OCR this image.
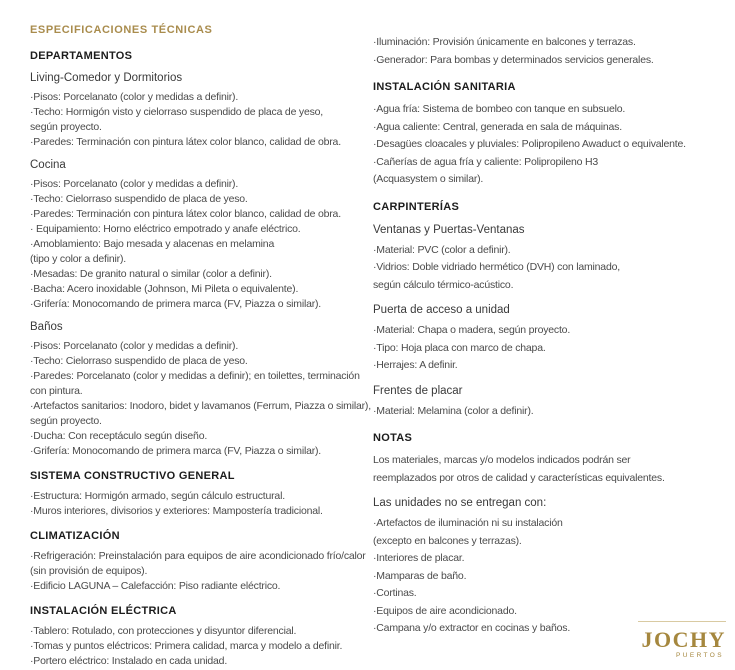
ESPECIFICACIONES TÉCNICAS
DEPARTAMENTOS
Living-Comedor y Dormitorios
·Pisos: Porcelanato (color y medidas a definir).
·Techo: Hormigón visto y cielorraso suspendido de placa de yeso,
según proyecto.
·Paredes: Terminación con pintura látex color blanco, calidad de obra.
Cocina
·Pisos: Porcelanato (color y medidas a definir).
·Techo: Cielorraso suspendido de placa de yeso.
·Paredes: Terminación con pintura látex color blanco, calidad de obra.
· Equipamiento: Horno eléctrico empotrado y anafe eléctrico.
·Amoblamiento: Bajo mesada y alacenas en melamina
(tipo y color a definir).
·Mesadas: De granito natural o similar (color a definir).
·Bacha: Acero inoxidable (Johnson, Mi Pileta o equivalente).
·Grifería: Monocomando de primera marca (FV, Piazza o similar).
Baños
·Pisos: Porcelanato (color y medidas a definir).
·Techo: Cielorraso suspendido de placa de yeso.
·Paredes: Porcelanato (color y medidas a definir); en toilettes, terminación
con pintura.
·Artefactos sanitarios: Inodoro, bidet y lavamanos (Ferrum, Piazza o similar),
según proyecto.
·Ducha: Con receptáculo según diseño.
·Grifería: Monocomando de primera marca (FV, Piazza o similar).
SISTEMA CONSTRUCTIVO GENERAL
·Estructura: Hormigón armado, según cálculo estructural.
·Muros interiores, divisorios y exteriores: Mampostería tradicional.
CLIMATIZACIÓN
·Refrigeración: Preinstalación para equipos de aire acondicionado frío/calor
(sin provisión de equipos).
·Edificio LAGUNA – Calefacción: Piso radiante eléctrico.
INSTALACIÓN ELÉCTRICA
·Tablero: Rotulado, con protecciones y disyuntor diferencial.
·Tomas y puntos eléctricos: Primera calidad, marca y modelo a definir.
·Portero eléctrico: Instalado en cada unidad.
·Iluminación: Provisión únicamente en balcones y terrazas.
·Generador: Para bombas y determinados servicios generales.
INSTALACIÓN SANITARIA
·Agua fría: Sistema de bombeo con tanque en subsuelo.
·Agua caliente: Central, generada en sala de máquinas.
·Desagües cloacales y pluviales: Polipropileno Awaduct o equivalente.
·Cañerías de agua fría y caliente: Polipropileno H3
(Acquasystem o similar).
CARPINTERÍAS
Ventanas y Puertas-Ventanas
·Material: PVC (color a definir).
·Vidrios: Doble vidriado hermético (DVH) con laminado,
según cálculo térmico-acústico.
Puerta de acceso a unidad
·Material: Chapa o madera, según proyecto.
·Tipo: Hoja placa con marco de chapa.
·Herrajes: A definir.
Frentes de placar
·Material: Melamina (color a definir).
NOTAS
Los materiales, marcas y/o modelos indicados podrán ser
reemplazados por otros de calidad y características equivalentes.
Las unidades no se entregan con:
·Artefactos de iluminación ni su instalación
(excepto en balcones y terrazas).
·Interiores de placar.
·Mamparas de baño.
·Cortinas.
·Equipos de aire acondicionado.
·Campana y/o extractor en cocinas y baños.	JOCHY
PUERTOS
